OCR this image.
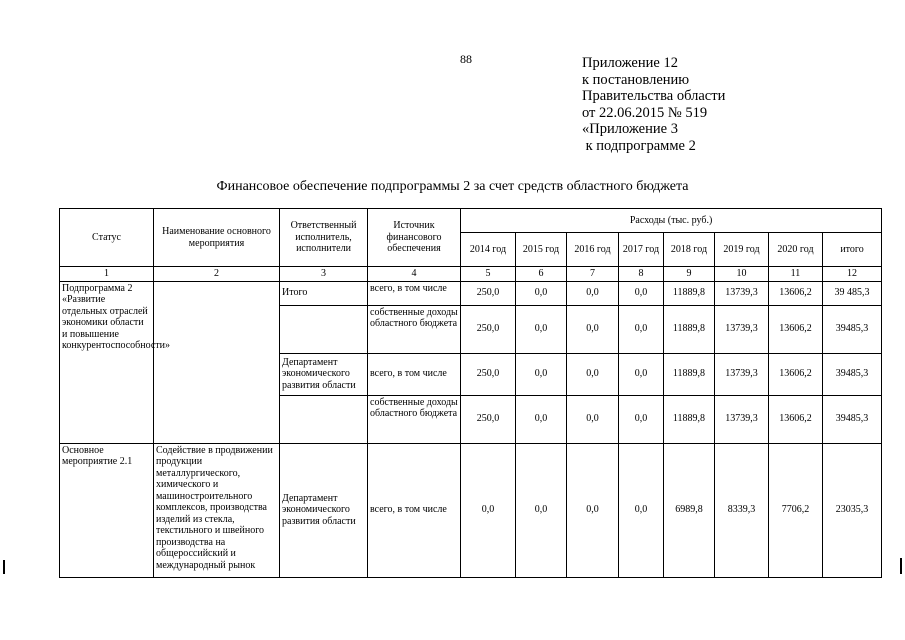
88	Приложение 12
к постановлению
Правительства области
от 22.06.2015 № 519
«Приложение 3
к подпрограмме 2
Финансовое обеспечение подпрограммы 2 за счет средств областного бюджета
Статус	Наименование основного мероприятия	Ответственный исполнитель, исполнители	Источник финансового обеспечения	Расходы (тыс. руб.)							
				2014 год	2015 год	2016 год	2017 год	2018 год	2019 год	2020 год	итого
1	2	3	4	5	6	7	8	9	10	11	12
Подпрограмма 2 «Развитие отдельных отраслей экономики области и повышение конкурентоспособности»		Итого	всего, в том числе	250,0	0,0	0,0	0,0	11889,8	13739,3	13606,2	39 485,3
			собственные доходы областного бюджета	250,0	0,0	0,0	0,0	11889,8	13739,3	13606,2	39485,3
		Департамент экономического развития области	всего, в том числе	250,0	0,0	0,0	0,0	11889,8	13739,3	13606,2	39485,3
			собственные доходы областного бюджета	250,0	0,0	0,0	0,0	11889,8	13739,3	13606,2	39485,3
Основное мероприятие 2.1	Содействие в продвижении продукции металлургического, химического и машиностроительного комплексов, производства изделий из стекла, текстильного и швейного производства на общероссийский и международный рынок	Департамент экономического развития области	всего, в том числе	0,0	0,0	0,0	0,0	6989,8	8339,3	7706,2	23035,3
